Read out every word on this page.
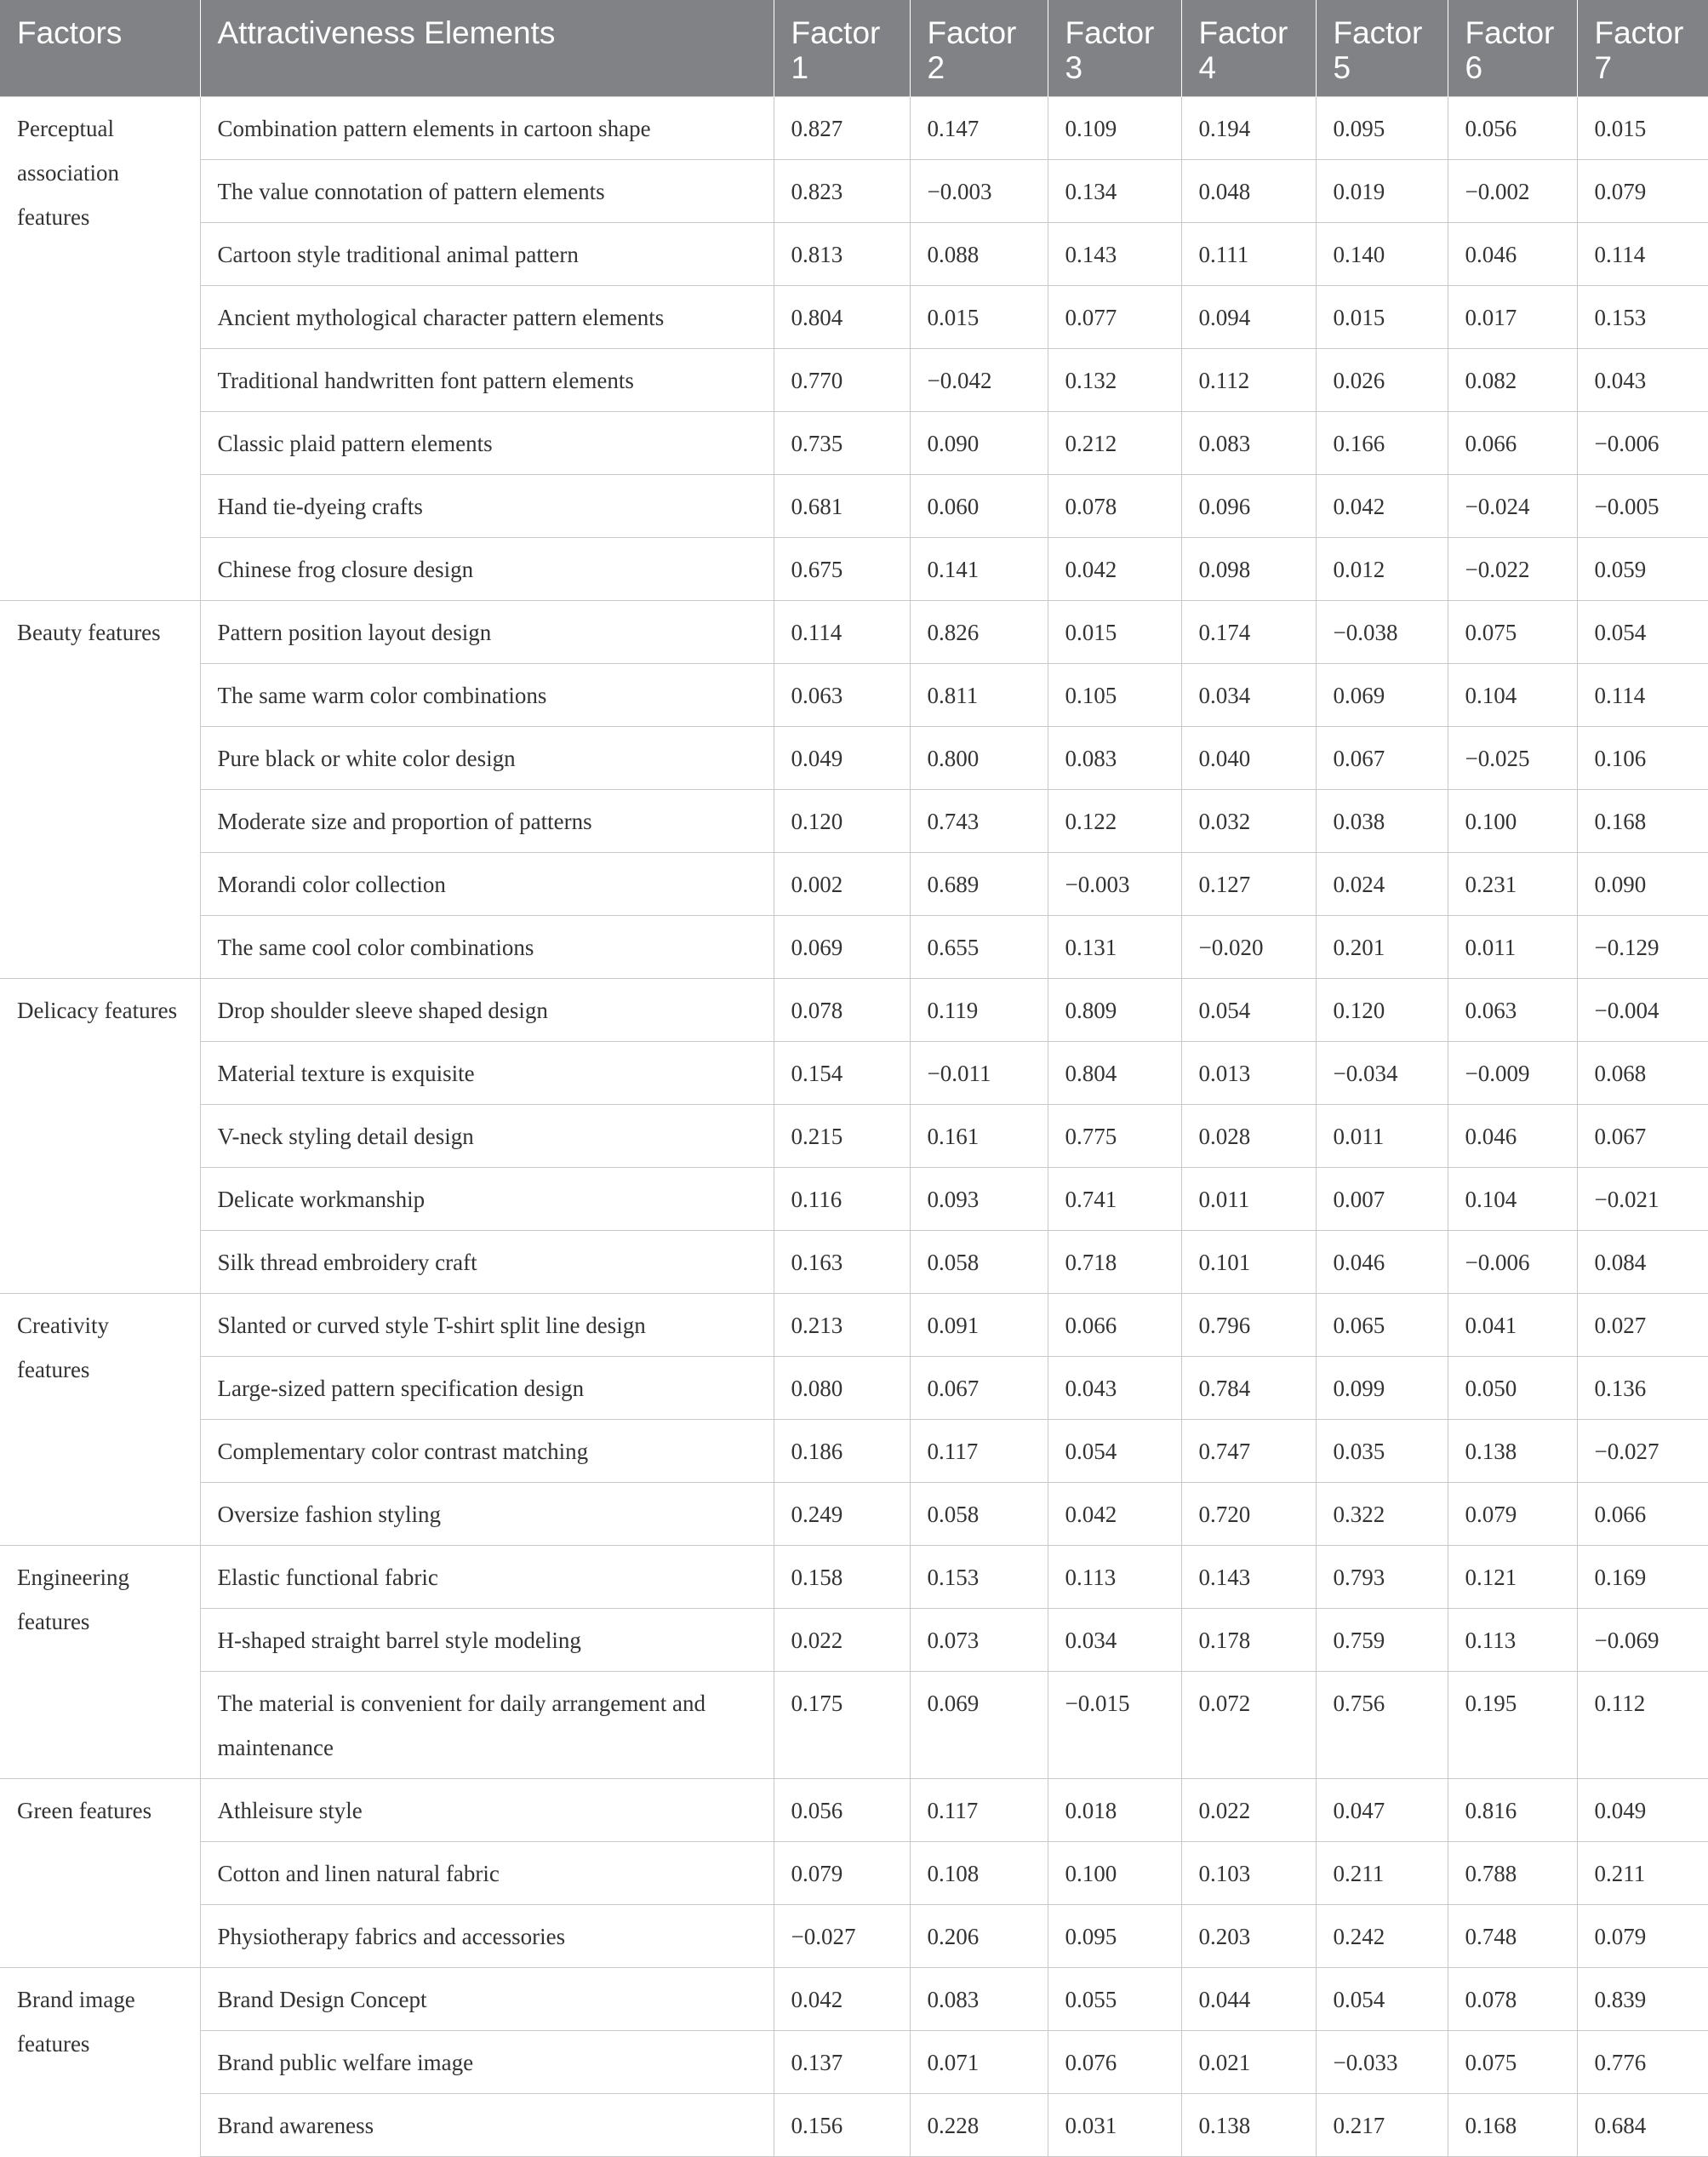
Factors	Attractiveness Elements	Factor 1	Factor 2	Factor 3	Factor 4	Factor 5	Factor 6	Factor 7
Perceptual association features	Combination pattern elements in cartoon shape	0.827	0.147	0.109	0.194	0.095	0.056	0.015
	The value connotation of pattern elements	0.823	−0.003	0.134	0.048	0.019	−0.002	0.079
	Cartoon style traditional animal pattern	0.813	0.088	0.143	0.111	0.140	0.046	0.114
	Ancient mythological character pattern elements	0.804	0.015	0.077	0.094	0.015	0.017	0.153
	Traditional handwritten font pattern elements	0.770	−0.042	0.132	0.112	0.026	0.082	0.043
	Classic plaid pattern elements	0.735	0.090	0.212	0.083	0.166	0.066	−0.006
	Hand tie-dyeing crafts	0.681	0.060	0.078	0.096	0.042	−0.024	−0.005
	Chinese frog closure design	0.675	0.141	0.042	0.098	0.012	−0.022	0.059
Beauty features	Pattern position layout design	0.114	0.826	0.015	0.174	−0.038	0.075	0.054
	The same warm color combinations	0.063	0.811	0.105	0.034	0.069	0.104	0.114
	Pure black or white color design	0.049	0.800	0.083	0.040	0.067	−0.025	0.106
	Moderate size and proportion of patterns	0.120	0.743	0.122	0.032	0.038	0.100	0.168
	Morandi color collection	0.002	0.689	−0.003	0.127	0.024	0.231	0.090
	The same cool color combinations	0.069	0.655	0.131	−0.020	0.201	0.011	−0.129
Delicacy features	Drop shoulder sleeve shaped design	0.078	0.119	0.809	0.054	0.120	0.063	−0.004
	Material texture is exquisite	0.154	−0.011	0.804	0.013	−0.034	−0.009	0.068
	V-neck styling detail design	0.215	0.161	0.775	0.028	0.011	0.046	0.067
	Delicate workmanship	0.116	0.093	0.741	0.011	0.007	0.104	−0.021
	Silk thread embroidery craft	0.163	0.058	0.718	0.101	0.046	−0.006	0.084
Creativity features	Slanted or curved style T-shirt split line design	0.213	0.091	0.066	0.796	0.065	0.041	0.027
	Large-sized pattern specification design	0.080	0.067	0.043	0.784	0.099	0.050	0.136
	Complementary color contrast matching	0.186	0.117	0.054	0.747	0.035	0.138	−0.027
	Oversize fashion styling	0.249	0.058	0.042	0.720	0.322	0.079	0.066
Engineering features	Elastic functional fabric	0.158	0.153	0.113	0.143	0.793	0.121	0.169
	H-shaped straight barrel style modeling	0.022	0.073	0.034	0.178	0.759	0.113	−0.069
	The material is convenient for daily arrangement and maintenance	0.175	0.069	−0.015	0.072	0.756	0.195	0.112
Green features	Athleisure style	0.056	0.117	0.018	0.022	0.047	0.816	0.049
	Cotton and linen natural fabric	0.079	0.108	0.100	0.103	0.211	0.788	0.211
	Physiotherapy fabrics and accessories	−0.027	0.206	0.095	0.203	0.242	0.748	0.079
Brand image features	Brand Design Concept	0.042	0.083	0.055	0.044	0.054	0.078	0.839
	Brand public welfare image	0.137	0.071	0.076	0.021	−0.033	0.075	0.776
	Brand awareness	0.156	0.228	0.031	0.138	0.217	0.168	0.684
